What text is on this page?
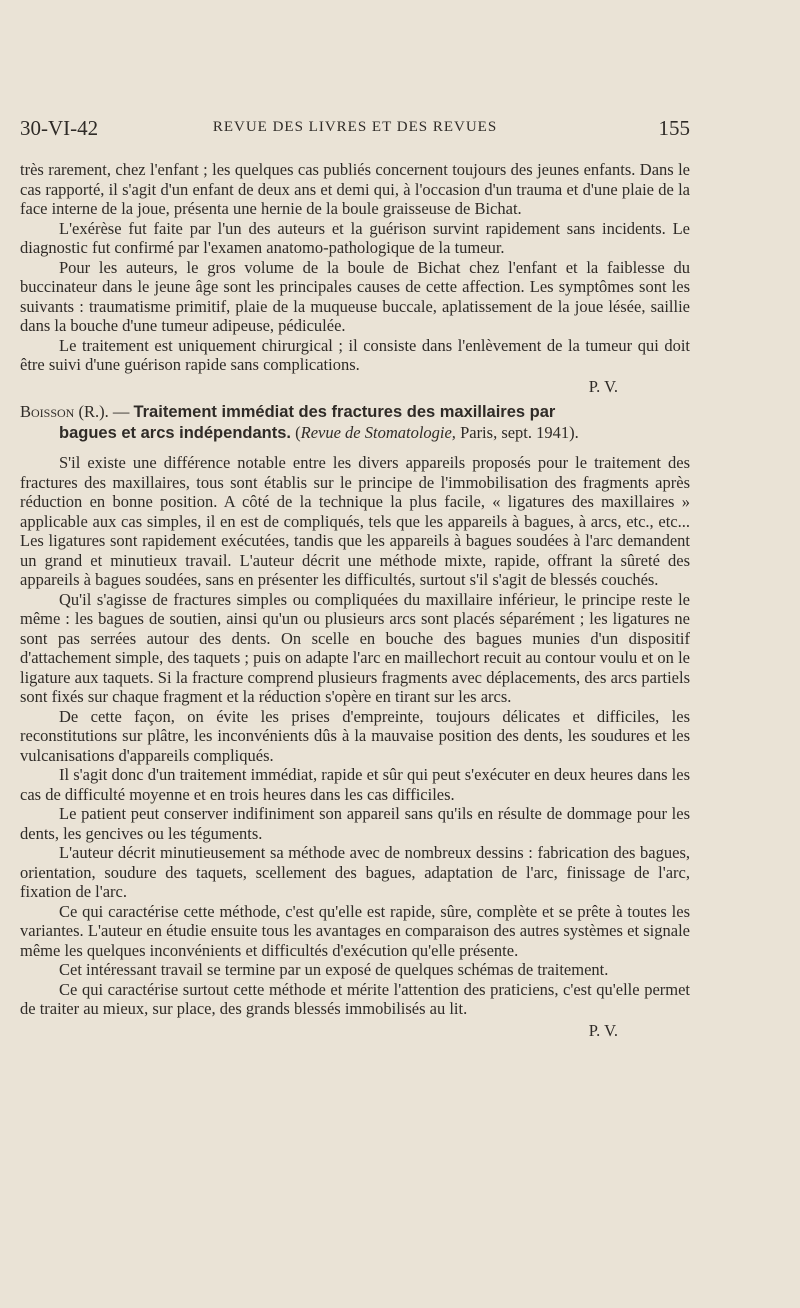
30-VI-42	REVUE DES LIVRES ET DES REVUES	155

très rarement, chez l'enfant ; les quelques cas publiés concernent toujours des jeunes enfants. Dans le cas rapporté, il s'agit d'un enfant de deux ans et demi qui, à l'occasion d'un trauma et d'une plaie de la face interne de la joue, présenta une hernie de la boule graisseuse de Bichat.

L'exérèse fut faite par l'un des auteurs et la guérison survint rapidement sans incidents. Le diagnostic fut confirmé par l'examen anatomo-pathologique de la tumeur.

Pour les auteurs, le gros volume de la boule de Bichat chez l'enfant et la faiblesse du buccinateur dans le jeune âge sont les principales causes de cette affection. Les symptômes sont les suivants : traumatisme primitif, plaie de la muqueuse buccale, aplatissement de la joue lésée, saillie dans la bouche d'une tumeur adipeuse, pédiculée.

Le traitement est uniquement chirurgical ; il consiste dans l'enlèvement de la tumeur qui doit être suivi d'une guérison rapide sans complications.

P. V.

Boisson (R.). — Traitement immédiat des fractures des maxillaires par
bagues et arcs indépendants. (Revue de Stomatologie, Paris, sept. 1941).

S'il existe une différence notable entre les divers appareils proposés pour le traitement des fractures des maxillaires, tous sont établis sur le principe de l'immobilisation des fragments après réduction en bonne position. A côté de la technique la plus facile, « ligatures des maxillaires » applicable aux cas simples, il en est de compliqués, tels que les appareils à bagues, à arcs, etc., etc... Les ligatures sont rapidement exécutées, tandis que les appareils à bagues soudées à l'arc demandent un grand et minutieux travail. L'auteur décrit une méthode mixte, rapide, offrant la sûreté des appareils à bagues soudées, sans en présenter les difficultés, surtout s'il s'agit de blessés couchés.

Qu'il s'agisse de fractures simples ou compliquées du maxillaire inférieur, le principe reste le même : les bagues de soutien, ainsi qu'un ou plusieurs arcs sont placés séparément ; les ligatures ne sont pas serrées autour des dents. On scelle en bouche des bagues munies d'un dispositif d'attachement simple, des taquets ; puis on adapte l'arc en maillechort recuit au contour voulu et on le ligature aux taquets. Si la fracture comprend plusieurs fragments avec déplacements, des arcs partiels sont fixés sur chaque fragment et la réduction s'opère en tirant sur les arcs.

De cette façon, on évite les prises d'empreinte, toujours délicates et difficiles, les reconstitutions sur plâtre, les inconvénients dûs à la mauvaise position des dents, les soudures et les vulcanisations d'appareils compliqués.

Il s'agit donc d'un traitement immédiat, rapide et sûr qui peut s'exécuter en deux heures dans les cas de difficulté moyenne et en trois heures dans les cas difficiles.

Le patient peut conserver indifiniment son appareil sans qu'ils en résulte de dommage pour les dents, les gencives ou les téguments.

L'auteur décrit minutieusement sa méthode avec de nombreux dessins : fabrication des bagues, orientation, soudure des taquets, scellement des bagues, adaptation de l'arc, finissage de l'arc, fixation de l'arc.

Ce qui caractérise cette méthode, c'est qu'elle est rapide, sûre, complète et se prête à toutes les variantes. L'auteur en étudie ensuite tous les avantages en comparaison des autres systèmes et signale même les quelques inconvénients et difficultés d'exécution qu'elle présente.

Cet intéressant travail se termine par un exposé de quelques schémas de traitement.

Ce qui caractérise surtout cette méthode et mérite l'attention des praticiens, c'est qu'elle permet de traiter au mieux, sur place, des grands blessés immobilisés au lit.

P. V.
